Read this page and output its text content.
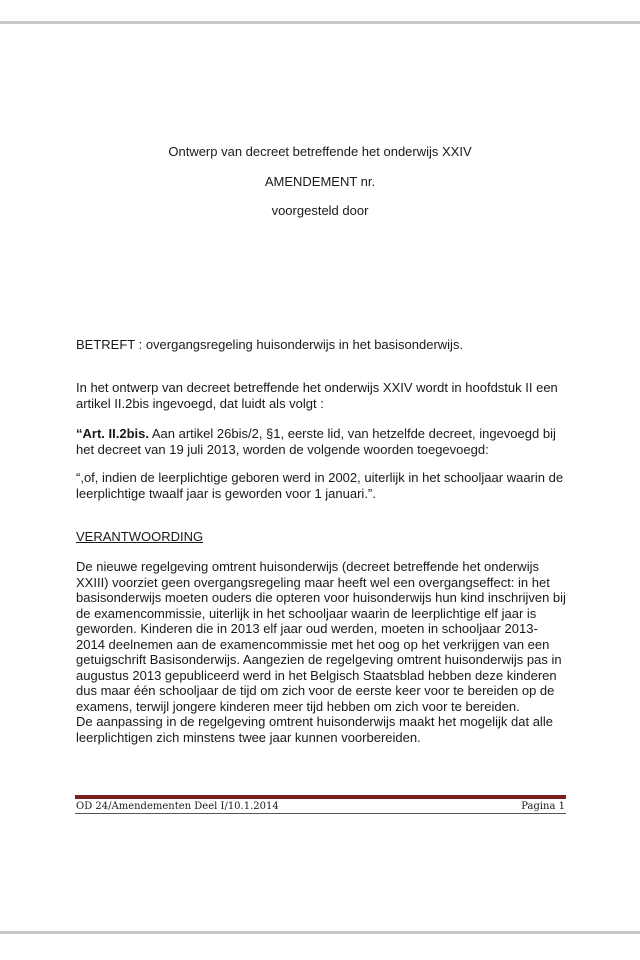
Ontwerp van decreet betreffende het onderwijs XXIV
AMENDEMENT nr.
voorgesteld door
BETREFT : overgangsregeling huisonderwijs in het basisonderwijs.
In het ontwerp van decreet betreffende het onderwijs XXIV wordt in hoofdstuk II een artikel II.2bis ingevoegd, dat luidt als volgt :
“Art. II.2bis. Aan artikel 26bis/2, §1, eerste lid, van hetzelfde decreet, ingevoegd bij het decreet van 19 juli 2013, worden de volgende woorden toegevoegd:
“,of, indien de leerplichtige geboren werd in 2002, uiterlijk in het schooljaar waarin de leerplichtige twaalf jaar is geworden voor 1 januari.”.
VERANTWOORDING
De nieuwe regelgeving omtrent huisonderwijs (decreet betreffende het onderwijs XXIII) voorziet geen overgangsregeling maar heeft wel een overgangseffect: in het basisonderwijs moeten ouders die opteren voor huisonderwijs hun kind inschrijven bij de examencommissie, uiterlijk in het schooljaar waarin de leerplichtige elf jaar is geworden. Kinderen die in 2013 elf jaar oud werden, moeten in schooljaar 2013-2014 deelnemen aan de examencommissie met het oog op het verkrijgen van een getuigschrift Basisonderwijs. Aangezien de regelgeving omtrent huisonderwijs pas in augustus 2013 gepubliceerd werd in het Belgisch Staatsblad hebben deze kinderen dus maar één schooljaar de tijd om zich voor de eerste keer voor te bereiden op de examens, terwijl jongere kinderen meer tijd hebben om zich voor te bereiden.
De aanpassing in de regelgeving omtrent huisonderwijs maakt het mogelijk dat alle leerplichtigen zich minstens twee jaar kunnen voorbereiden.
OD 24/Amendementen Deel I/10.1.2014	Pagina 1
